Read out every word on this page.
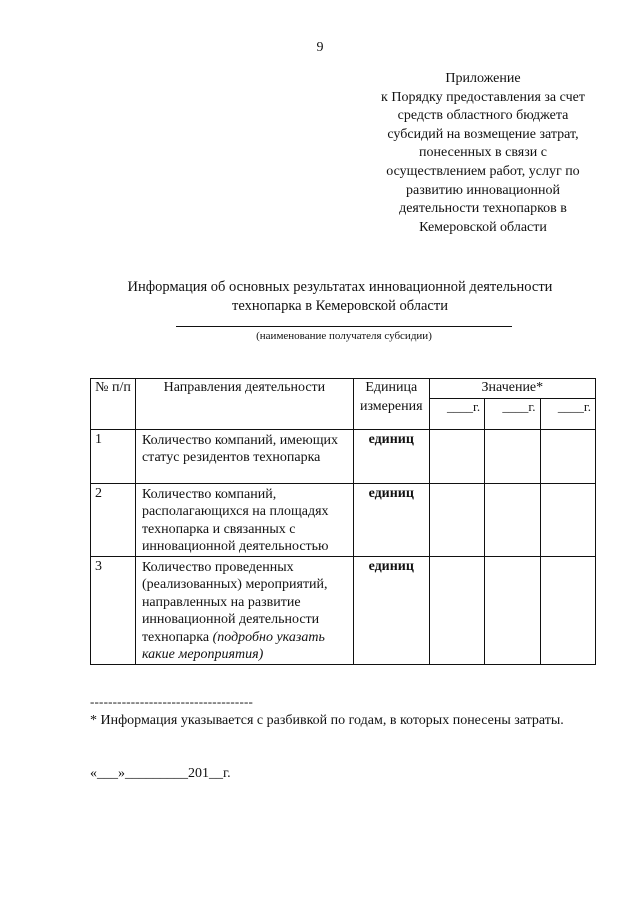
9
Приложение
к Порядку предоставления за счет
средств областного бюджета
субсидий на возмещение затрат,
понесенных в связи с
осуществлением работ, услуг по
развитию инновационной
деятельности технопарков в
Кемеровской области
Информация об основных результатах инновационной деятельности
технопарка в Кемеровской области
(наименование получателя субсидии)
№ п/п	Направления деятельности	Единица измерения	Значение*		
			____г.	____г.	____г.
1	Количество компаний, имеющих статус резидентов технопарка	единиц			
2	Количество компаний, располагающихся на площадях технопарка и связанных с инновационной деятельностью	единиц			
3	Количество проведенных (реализованных) мероприятий, направленных на развитие инновационной деятельности технопарка (подробно указать какие мероприятия)	единиц			
------------------------------------
* Информация указывается с разбивкой по годам, в которых понесены затраты.
«___»_________201__г.
